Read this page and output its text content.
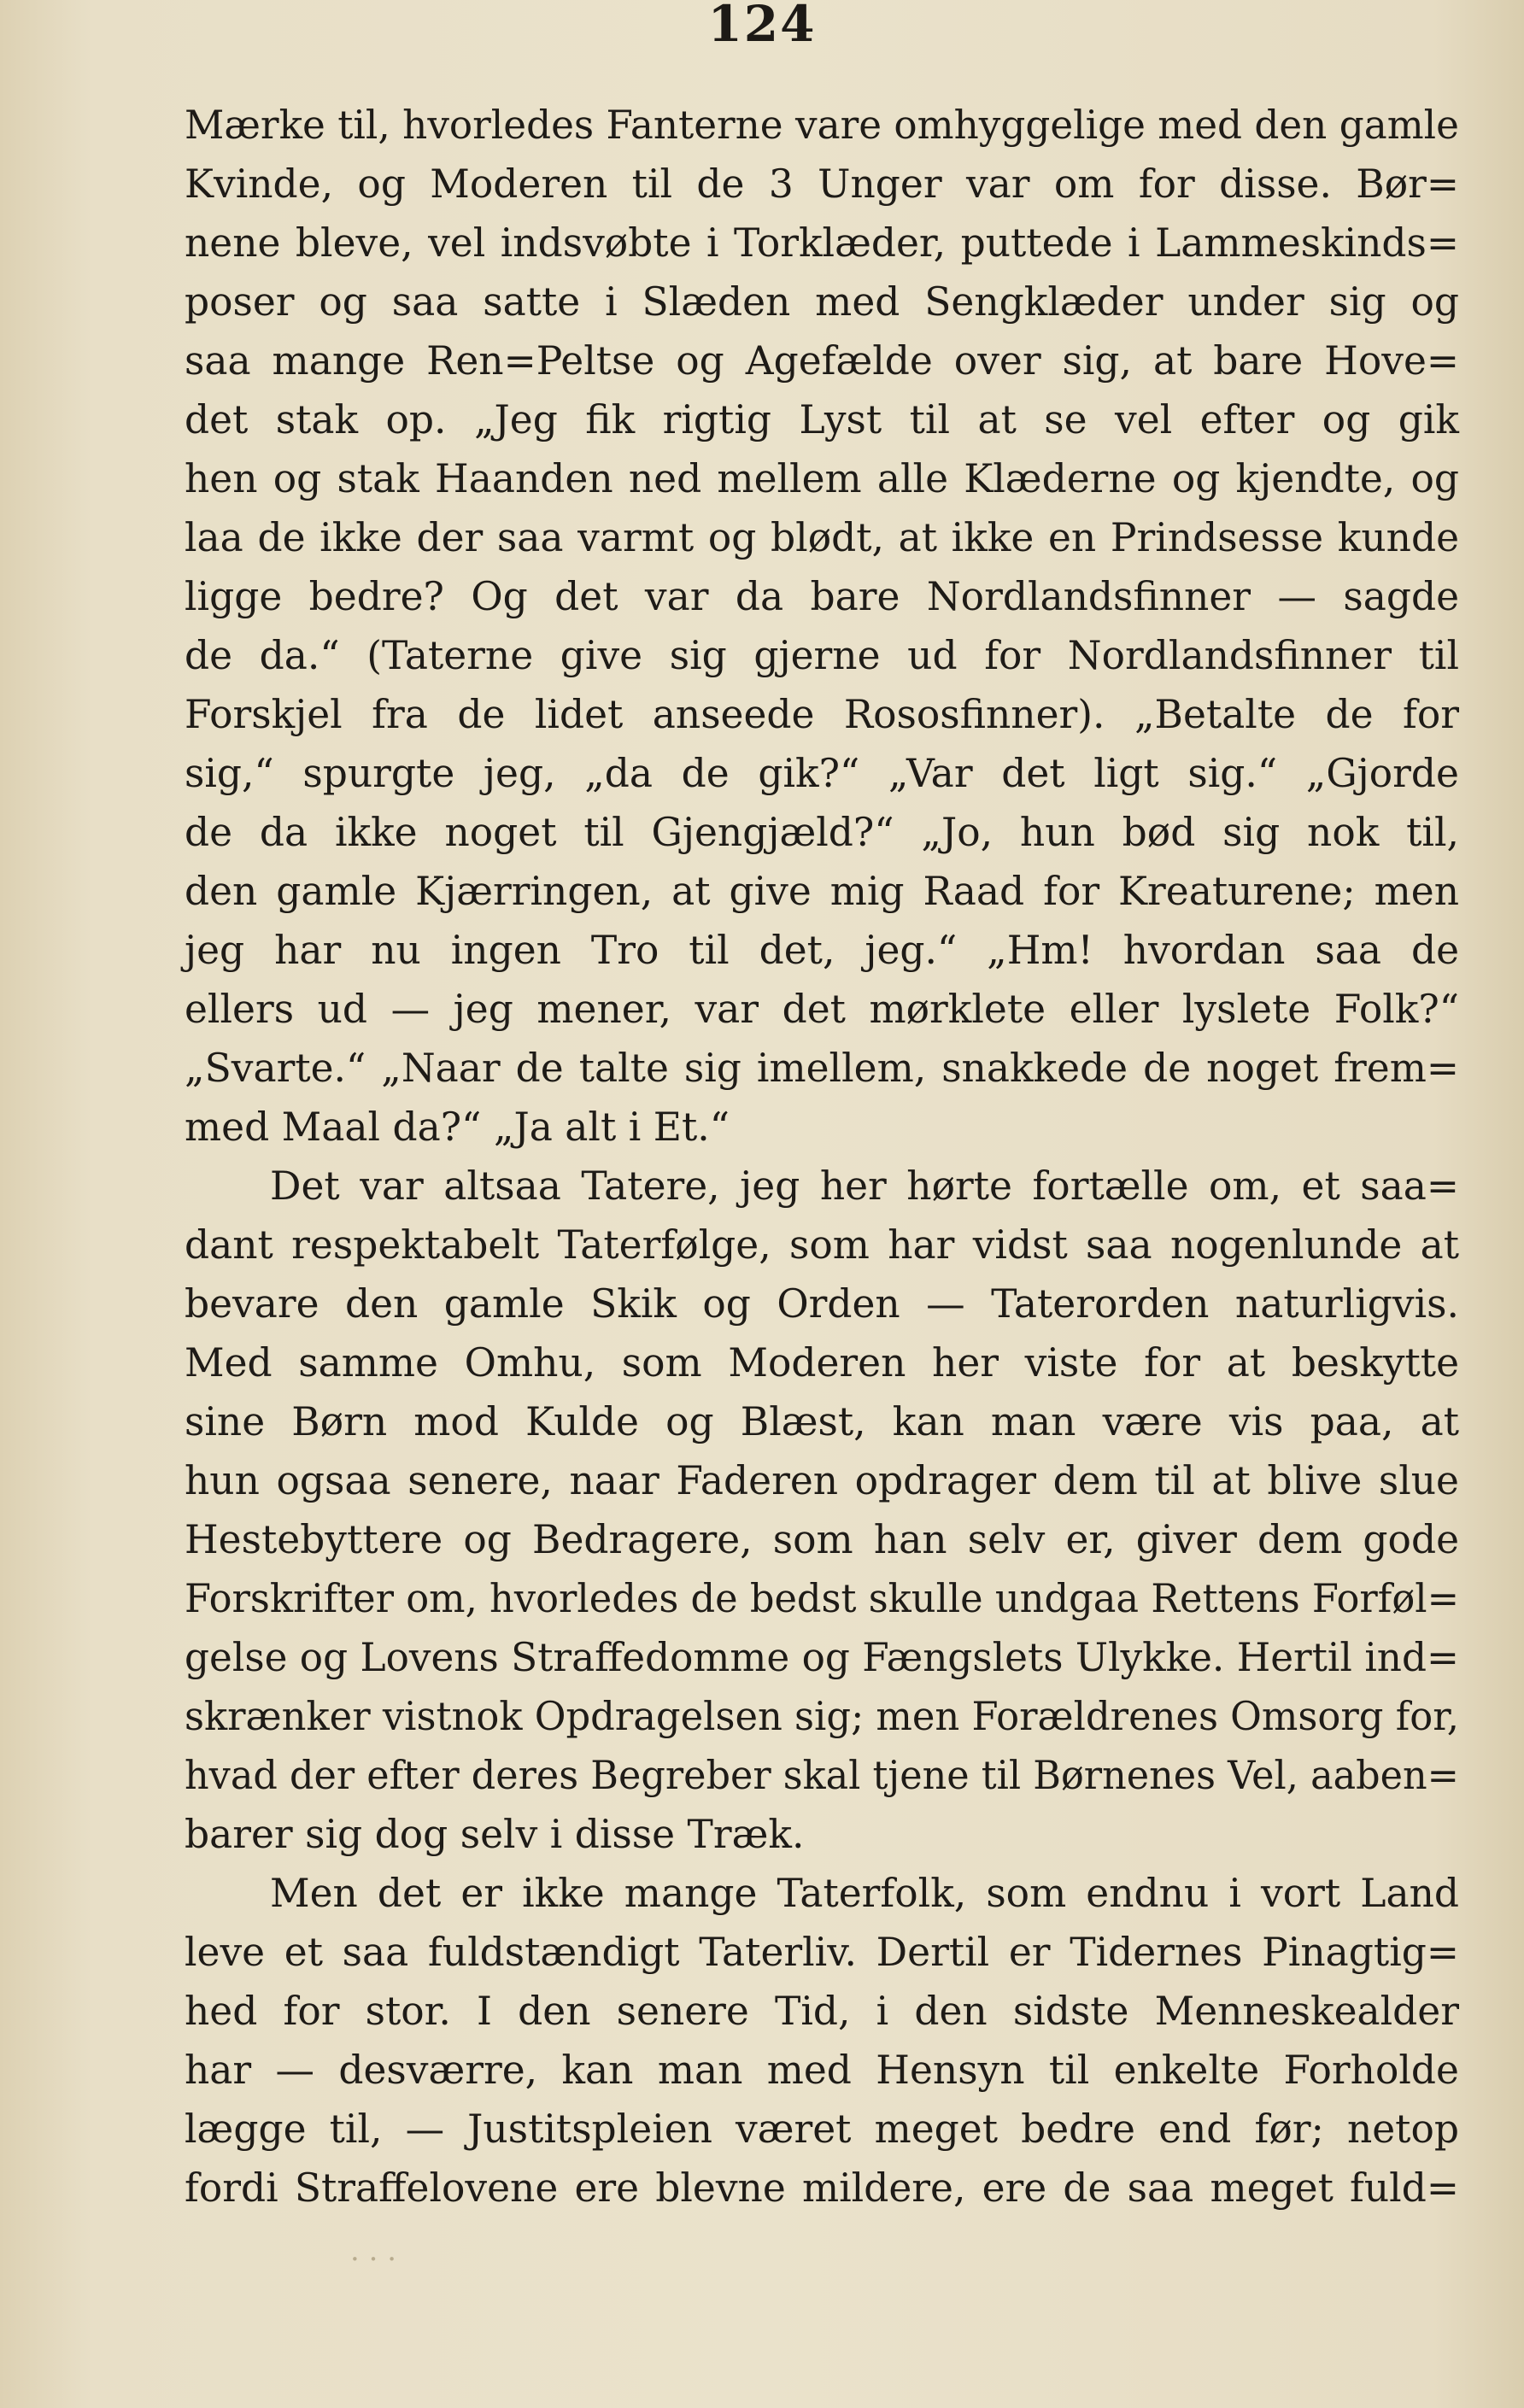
124
Mærke til, hvorledes Fanterne vare omhyggelige med den gamle
Kvinde, og Moderen til de 3 Unger var om for disse. Bør=
nene bleve, vel indsvøbte i Torklæder, puttede i Lammeskinds=
poser og saa satte i Slæden med Sengklæder under sig og
saa mange Ren=Peltse og Agefælde over sig, at bare Hove=
det stak op. „Jeg fik rigtig Lyst til at se vel efter og gik
hen og stak Haanden ned mellem alle Klæderne og kjendte, og
laa de ikke der saa varmt og blødt, at ikke en Prindsesse kunde
ligge bedre? Og det var da bare Nordlandsfinner — sagde
de da.“ (Taterne give sig gjerne ud for Nordlandsfinner til
Forskjel fra de lidet anseede Rososfinner). „Betalte de for
sig,“ spurgte jeg, „da de gik?“ „Var det ligt sig.“ „Gjorde
de da ikke noget til Gjengjæld?“ „Jo, hun bød sig nok til,
den gamle Kjærringen, at give mig Raad for Kreaturene; men
jeg har nu ingen Tro til det, jeg.“ „Hm! hvordan saa de
ellers ud — jeg mener, var det mørklete eller lyslete Folk?“
„Svarte.“ „Naar de talte sig imellem, snakkede de noget frem=
med Maal da?“ „Ja alt i Et.“
Det var altsaa Tatere, jeg her hørte fortælle om, et saa=
dant respektabelt Taterfølge, som har vidst saa nogenlunde at
bevare den gamle Skik og Orden — Taterorden naturligvis.
Med samme Omhu, som Moderen her viste for at beskytte
sine Børn mod Kulde og Blæst, kan man være vis paa, at
hun ogsaa senere, naar Faderen opdrager dem til at blive slue
Hestebyttere og Bedragere, som han selv er, giver dem gode
Forskrifter om, hvorledes de bedst skulle undgaa Rettens Forføl=
gelse og Lovens Straffedomme og Fængslets Ulykke. Hertil ind=
skrænker vistnok Opdragelsen sig; men Forældrenes Omsorg for,
hvad der efter deres Begreber skal tjene til Børnenes Vel, aaben=
barer sig dog selv i disse Træk.
Men det er ikke mange Taterfolk, som endnu i vort Land
leve et saa fuldstændigt Taterliv. Dertil er Tidernes Pinagtig=
hed for stor. I den senere Tid, i den sidste Menneskealder
har — desværre, kan man med Hensyn til enkelte Forholde
lægge til, — Justitspleien været meget bedre end før; netop
fordi Straffelovene ere blevne mildere, ere de saa meget fuld=
· · ·
